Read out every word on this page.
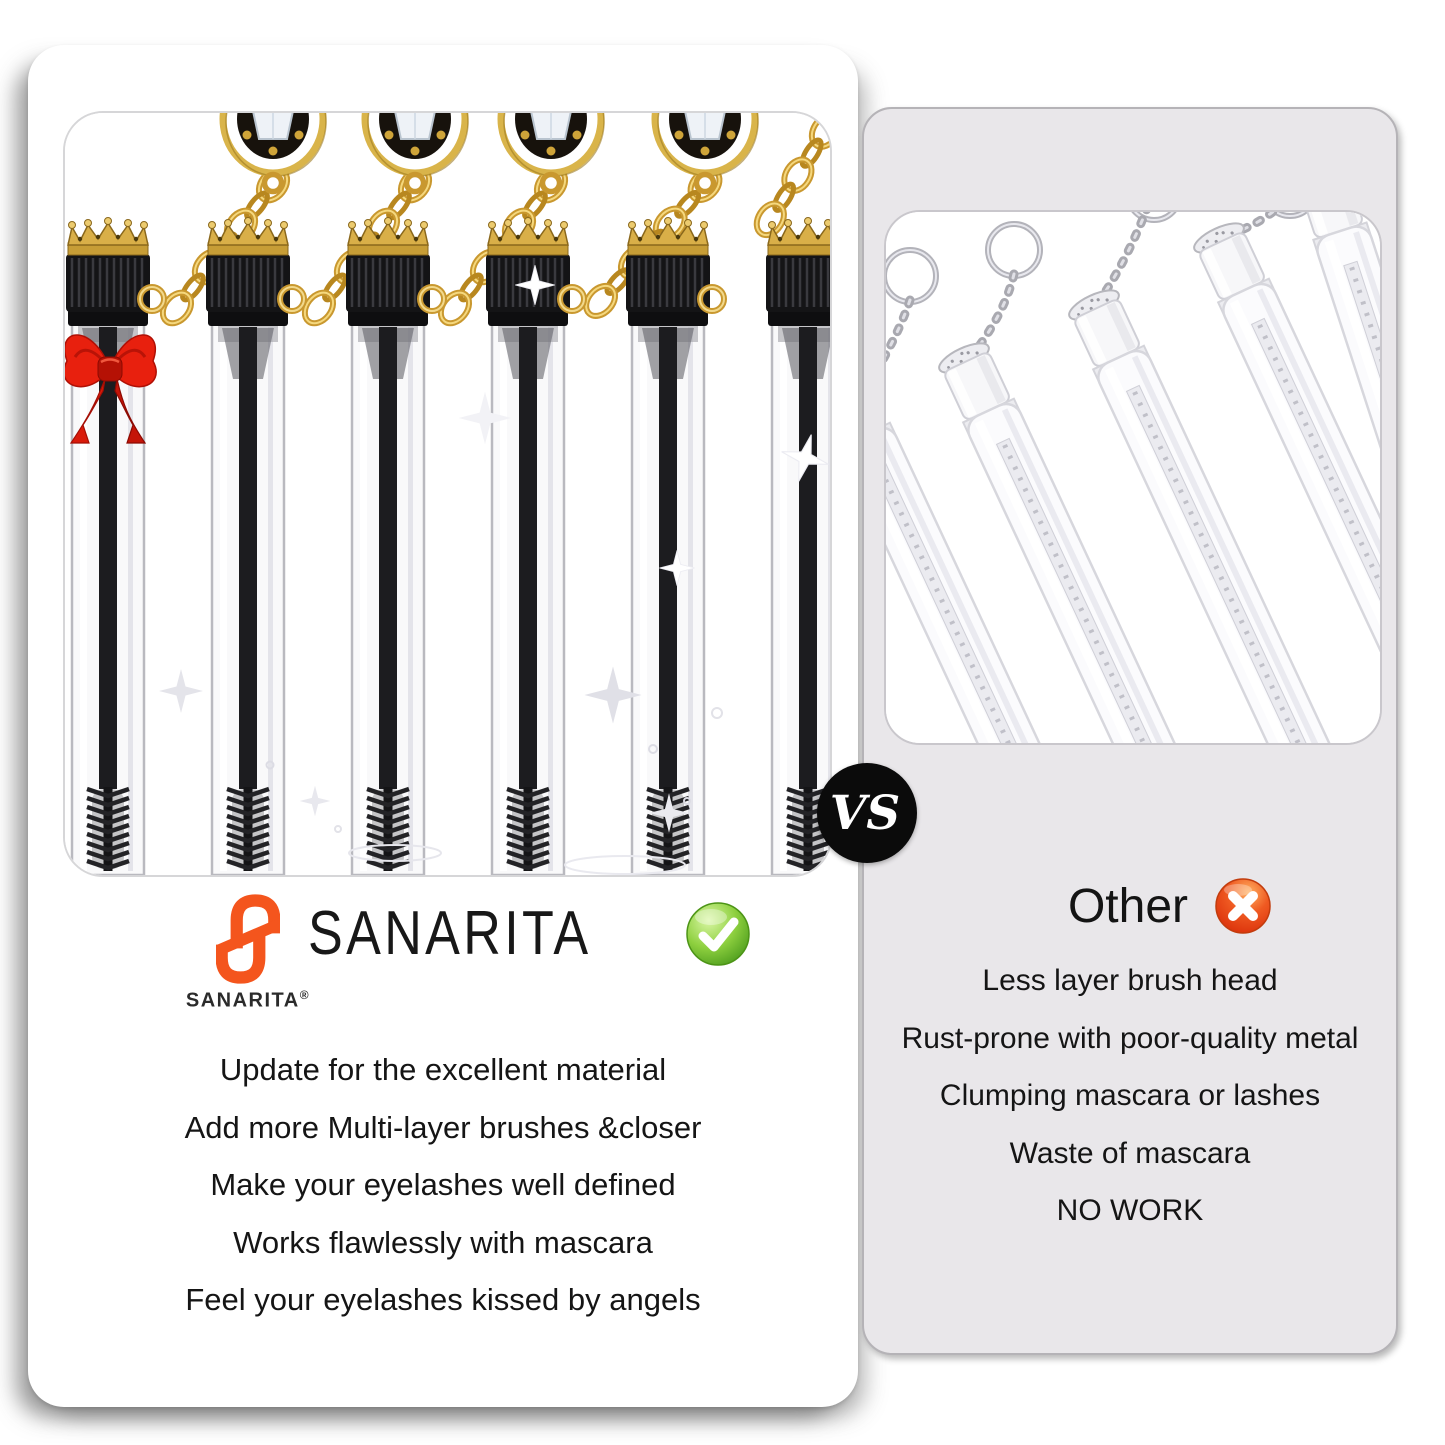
SANARITA®
SANARITA
Update for the excellent material
Add more Multi-layer brushes &closer
Make your eyelashes well defined
Works flawlessly with mascara
Feel your eyelashes kissed by angels
Other
Less layer brush head
Rust-prone with poor-quality metal
Clumping mascara or lashes
Waste of mascara
NO WORK
VS
